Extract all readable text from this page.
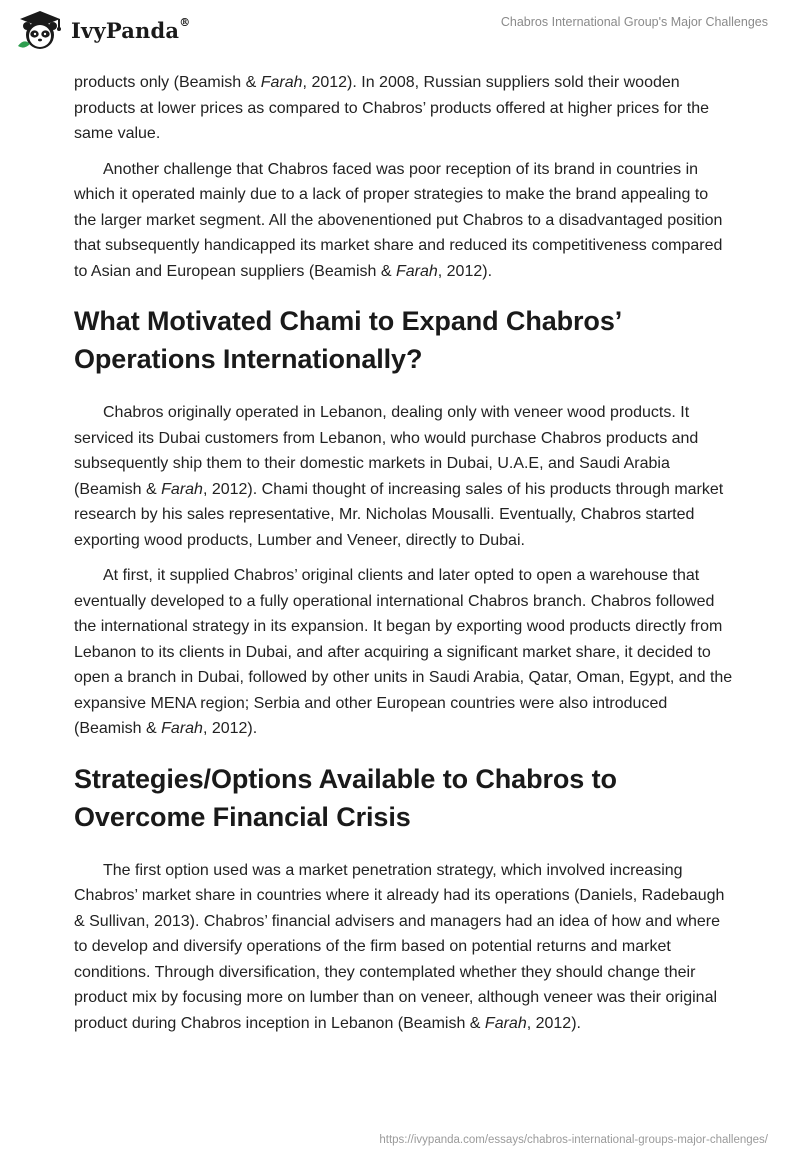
IvyPanda®	Chabros International Group's Major Challenges

products only (Beamish & Farah, 2012). In 2008, Russian suppliers sold their wooden products at lower prices as compared to Chabros’ products offered at higher prices for the same value.

Another challenge that Chabros faced was poor reception of its brand in countries in which it operated mainly due to a lack of proper strategies to make the brand appealing to the larger market segment. All the abovenentioned put Chabros to a disadvantaged position that subsequently handicapped its market share and reduced its competitiveness compared to Asian and European suppliers (Beamish & Farah, 2012).

What Motivated Chami to Expand Chabros’ Operations Internationally?

Chabros originally operated in Lebanon, dealing only with veneer wood products. It serviced its Dubai customers from Lebanon, who would purchase Chabros products and subsequently ship them to their domestic markets in Dubai, U.A.E, and Saudi Arabia (Beamish & Farah, 2012). Chami thought of increasing sales of his products through market research by his sales representative, Mr. Nicholas Mousalli. Eventually, Chabros started exporting wood products, Lumber and Veneer, directly to Dubai.

At first, it supplied Chabros’ original clients and later opted to open a warehouse that eventually developed to a fully operational international Chabros branch. Chabros followed the international strategy in its expansion. It began by exporting wood products directly from Lebanon to its clients in Dubai, and after acquiring a significant market share, it decided to open a branch in Dubai, followed by other units in Saudi Arabia, Qatar, Oman, Egypt, and the expansive MENA region; Serbia and other European countries were also introduced (Beamish & Farah, 2012).

Strategies/Options Available to Chabros to Overcome Financial Crisis

The first option used was a market penetration strategy, which involved increasing Chabros’ market share in countries where it already had its operations (Daniels, Radebaugh & Sullivan, 2013). Chabros’ financial advisers and managers had an idea of how and where to develop and diversify operations of the firm based on potential returns and market conditions. Through diversification, they contemplated whether they should change their product mix by focusing more on lumber than on veneer, although veneer was their original product during Chabros inception in Lebanon (Beamish & Farah, 2012).

https://ivypanda.com/essays/chabros-international-groups-major-challenges/
